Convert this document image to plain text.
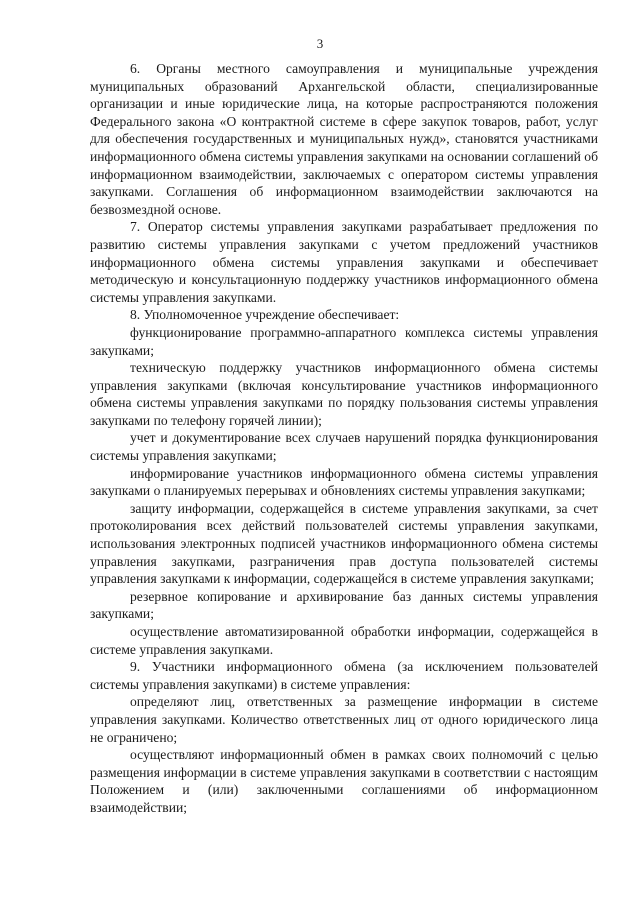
3

6. Органы местного самоуправления и муниципальные учреждения муниципальных образований Архангельской области, специализированные организации и иные юридические лица, на которые распространяются положения Федерального закона «О контрактной системе в сфере закупок товаров, работ, услуг для обеспечения государственных и муниципальных нужд», становятся участниками информационного обмена системы управления закупками на основании соглашений об информационном взаимодействии, заключаемых с оператором системы управления закупками. Соглашения об информационном взаимодействии заключаются на безвозмездной основе.

7. Оператор системы управления закупками разрабатывает предложения по развитию системы управления закупками с учетом предложений участников информационного обмена системы управления закупками и обеспечивает методическую и консультационную поддержку участников информационного обмена системы управления закупками.

8. Уполномоченное учреждение обеспечивает:

функционирование программно-аппаратного комплекса системы управления закупками;

техническую поддержку участников информационного обмена системы управления закупками (включая консультирование участников информационного обмена системы управления закупками по порядку пользования системы управления закупками по телефону горячей линии);

учет и документирование всех случаев нарушений порядка функционирования системы управления закупками;

информирование участников информационного обмена системы управления закупками о планируемых перерывах и обновлениях системы управления закупками;

защиту информации, содержащейся в системе управления закупками, за счет протоколирования всех действий пользователей системы управления закупками, использования электронных подписей участников информационного обмена системы управления закупками, разграничения прав доступа пользователей системы управления закупками к информации, содержащейся в системе управления закупками;

резервное копирование и архивирование баз данных системы управления закупками;

осуществление автоматизированной обработки информации, содержащейся в системе управления закупками.

9. Участники информационного обмена (за исключением пользователей системы управления закупками) в системе управления:

определяют лиц, ответственных за размещение информации в системе управления закупками. Количество ответственных лиц от одного юридического лица не ограничено;

осуществляют информационный обмен в рамках своих полномочий с целью размещения информации в системе управления закупками в соответствии с настоящим Положением и (или) заключенными соглашениями об информационном взаимодействии;
